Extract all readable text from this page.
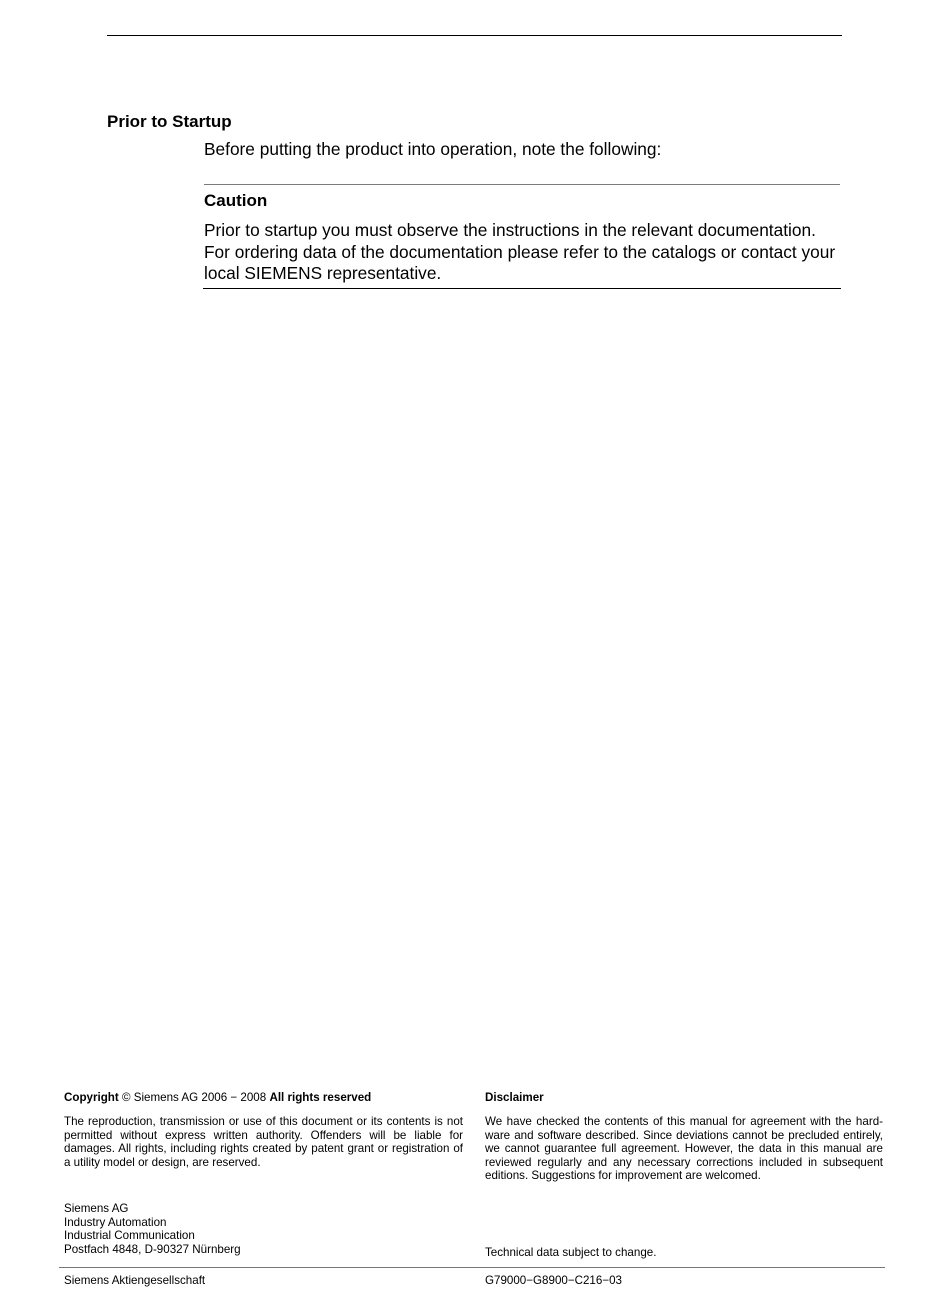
Prior to Startup
Before putting the product into operation, note the following:
Caution
Prior to startup you must observe the instructions in the relevant documentation.
For ordering data of the documentation please refer to the catalogs or contact your
local SIEMENS representative.
Copyright © Siemens AG 2006 − 2008 All rights reserved
The reproduction, transmission or use of this document or its contents is not
permitted without express written authority. Offenders will be liable for
damages. All rights, including rights created by patent grant or registration of
a utility model or design, are reserved.
Disclaimer
We have checked the contents of this manual for agreement with the hard-
ware and software described. Since deviations cannot be precluded entirely,
we cannot guarantee full agreement. However, the data in this manual are
reviewed regularly and any necessary corrections included in subsequent
editions. Suggestions for improvement are welcomed.
Siemens AG
Industry Automation
Industrial Communication
Postfach 4848, D-90327 Nürnberg	Technical data subject to change.
Siemens Aktiengesellschaft	G79000−G8900−C216−03
